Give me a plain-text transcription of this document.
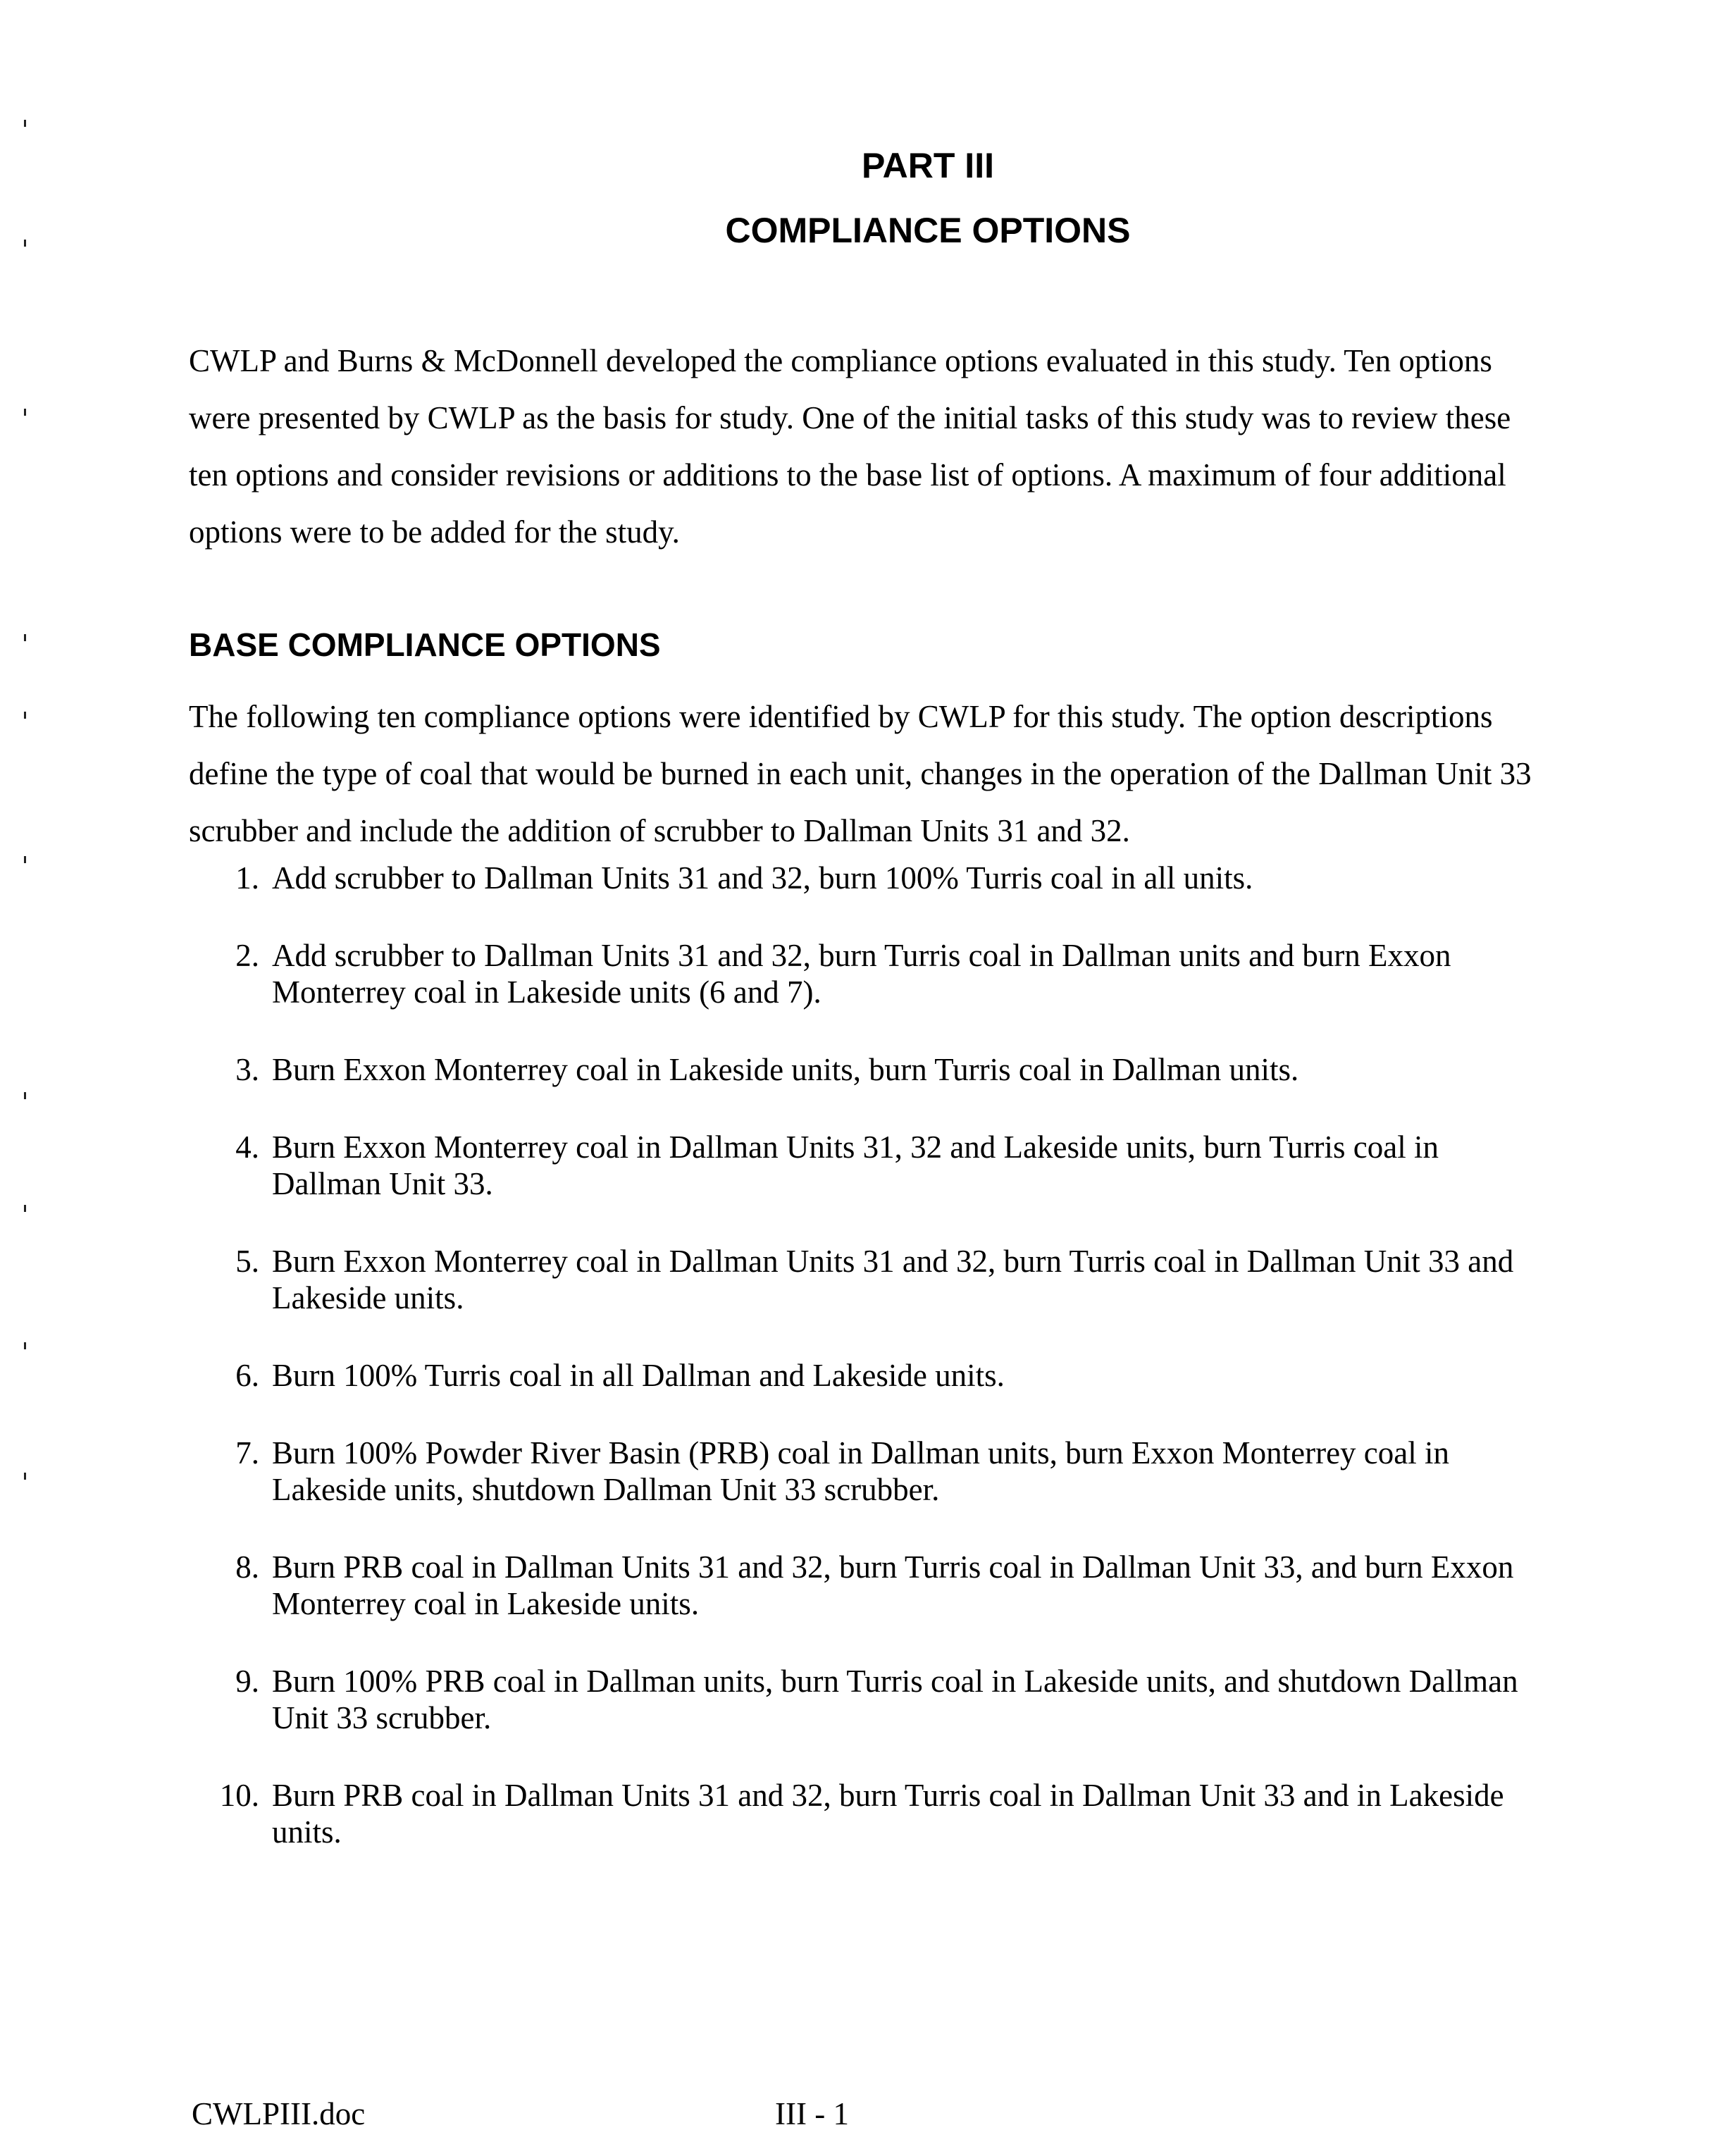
PART III
COMPLIANCE OPTIONS

CWLP and Burns & McDonnell developed the compliance options evaluated in this study. Ten options were presented by CWLP as the basis for study. One of the initial tasks of this study was to review these ten options and consider revisions or additions to the base list of options. A maximum of four additional options were to be added for the study.

BASE COMPLIANCE OPTIONS

The following ten compliance options were identified by CWLP for this study. The option descriptions define the type of coal that would be burned in each unit, changes in the operation of the Dallman Unit 33 scrubber and include the addition of scrubber to Dallman Units 31 and 32.

1. Add scrubber to Dallman Units 31 and 32, burn 100% Turris coal in all units.
2. Add scrubber to Dallman Units 31 and 32, burn Turris coal in Dallman units and burn Exxon Monterrey coal in Lakeside units (6 and 7).
3. Burn Exxon Monterrey coal in Lakeside units, burn Turris coal in Dallman units.
4. Burn Exxon Monterrey coal in Dallman Units 31, 32 and Lakeside units, burn Turris coal in Dallman Unit 33.
5. Burn Exxon Monterrey coal in Dallman Units 31 and 32, burn Turris coal in Dallman Unit 33 and Lakeside units.
6. Burn 100% Turris coal in all Dallman and Lakeside units.
7. Burn 100% Powder River Basin (PRB) coal in Dallman units, burn Exxon Monterrey coal in Lakeside units, shutdown Dallman Unit 33 scrubber.
8. Burn PRB coal in Dallman Units 31 and 32, burn Turris coal in Dallman Unit 33, and burn Exxon Monterrey coal in Lakeside units.
9. Burn 100% PRB coal in Dallman units, burn Turris coal in Lakeside units, and shutdown Dallman Unit 33 scrubber.
10. Burn PRB coal in Dallman Units 31 and 32, burn Turris coal in Dallman Unit 33 and in Lakeside units.
CWLPIII.doc	III - 1
